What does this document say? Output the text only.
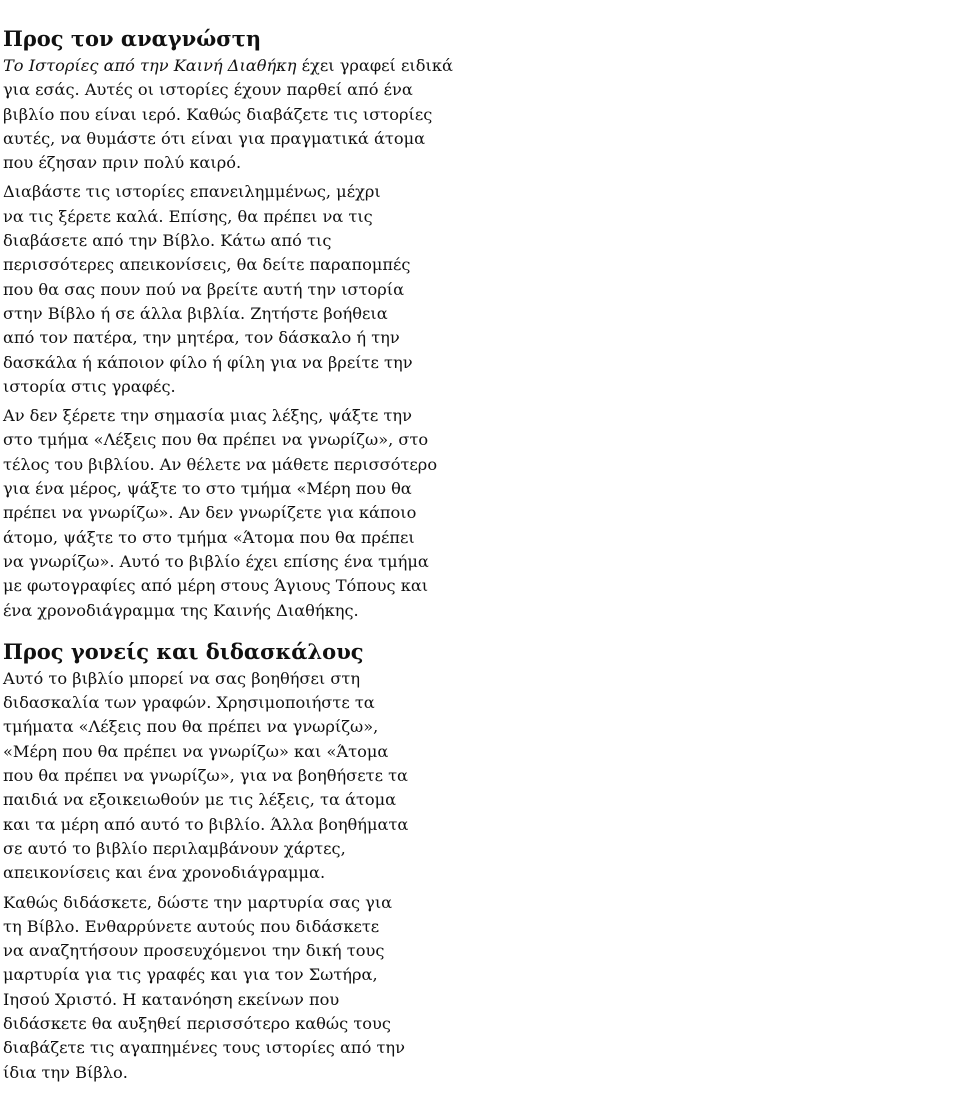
Προς τον αναγνώστη

Το Ιστορίες από την Καινή Διαθήκη έχει γραφεί ειδικά
για εσάς. Αυτές οι ιστορίες έχουν παρθεί από ένα
βιβλίο που είναι ιερό. Καθώς διαβάζετε τις ιστορίες
αυτές, να θυμάστε ότι είναι για πραγματικά άτομα
που έζησαν πριν πολύ καιρό.

Διαβάστε τις ιστορίες επανειλημμένως, μέχρι
να τις ξέρετε καλά. Επίσης, θα πρέπει να τις
διαβάσετε από την Βίβλο. Κάτω από τις
περισσότερες απεικονίσεις, θα δείτε παραπομπές
που θα σας πουν πού να βρείτε αυτή την ιστορία
στην Βίβλο ή σε άλλα βιβλία. Ζητήστε βοήθεια
από τον πατέρα, την μητέρα, τον δάσκαλο ή την
δασκάλα ή κάποιον φίλο ή φίλη για να βρείτε την
ιστορία στις γραφές.

Αν δεν ξέρετε την σημασία μιας λέξης, ψάξτε την
στο τμήμα «Λέξεις που θα πρέπει να γνωρίζω», στο
τέλος του βιβλίου. Αν θέλετε να μάθετε περισσότερο
για ένα μέρος, ψάξτε το στο τμήμα «Μέρη που θα
πρέπει να γνωρίζω». Αν δεν γνωρίζετε για κάποιο
άτομο, ψάξτε το στο τμήμα «Άτομα που θα πρέπει
να γνωρίζω». Αυτό το βιβλίο έχει επίσης ένα τμήμα
με φωτογραφίες από μέρη στους Άγιους Τόπους και
ένα χρονοδιάγραμμα της Καινής Διαθήκης.

Προς γονείς και διδασκάλους

Αυτό το βιβλίο μπορεί να σας βοηθήσει στη
διδασκαλία των γραφών. Χρησιμοποιήστε τα
τμήματα «Λέξεις που θα πρέπει να γνωρίζω»,
«Μέρη που θα πρέπει να γνωρίζω» και «Άτομα
που θα πρέπει να γνωρίζω», για να βοηθήσετε τα
παιδιά να εξοικειωθούν με τις λέξεις, τα άτομα
και τα μέρη από αυτό το βιβλίο. Άλλα βοηθήματα
σε αυτό το βιβλίο περιλαμβάνουν χάρτες,
απεικονίσεις και ένα χρονοδιάγραμμα.

Καθώς διδάσκετε, δώστε την μαρτυρία σας για
τη Βίβλο. Ενθαρρύνετε αυτούς που διδάσκετε
να αναζητήσουν προσευχόμενοι την δική τους
μαρτυρία για τις γραφές και για τον Σωτήρα,
Ιησού Χριστό. Η κατανόηση εκείνων που
διδάσκετε θα αυξηθεί περισσότερο καθώς τους
διαβάζετε τις αγαπημένες τους ιστορίες από την
ίδια την Βίβλο.
